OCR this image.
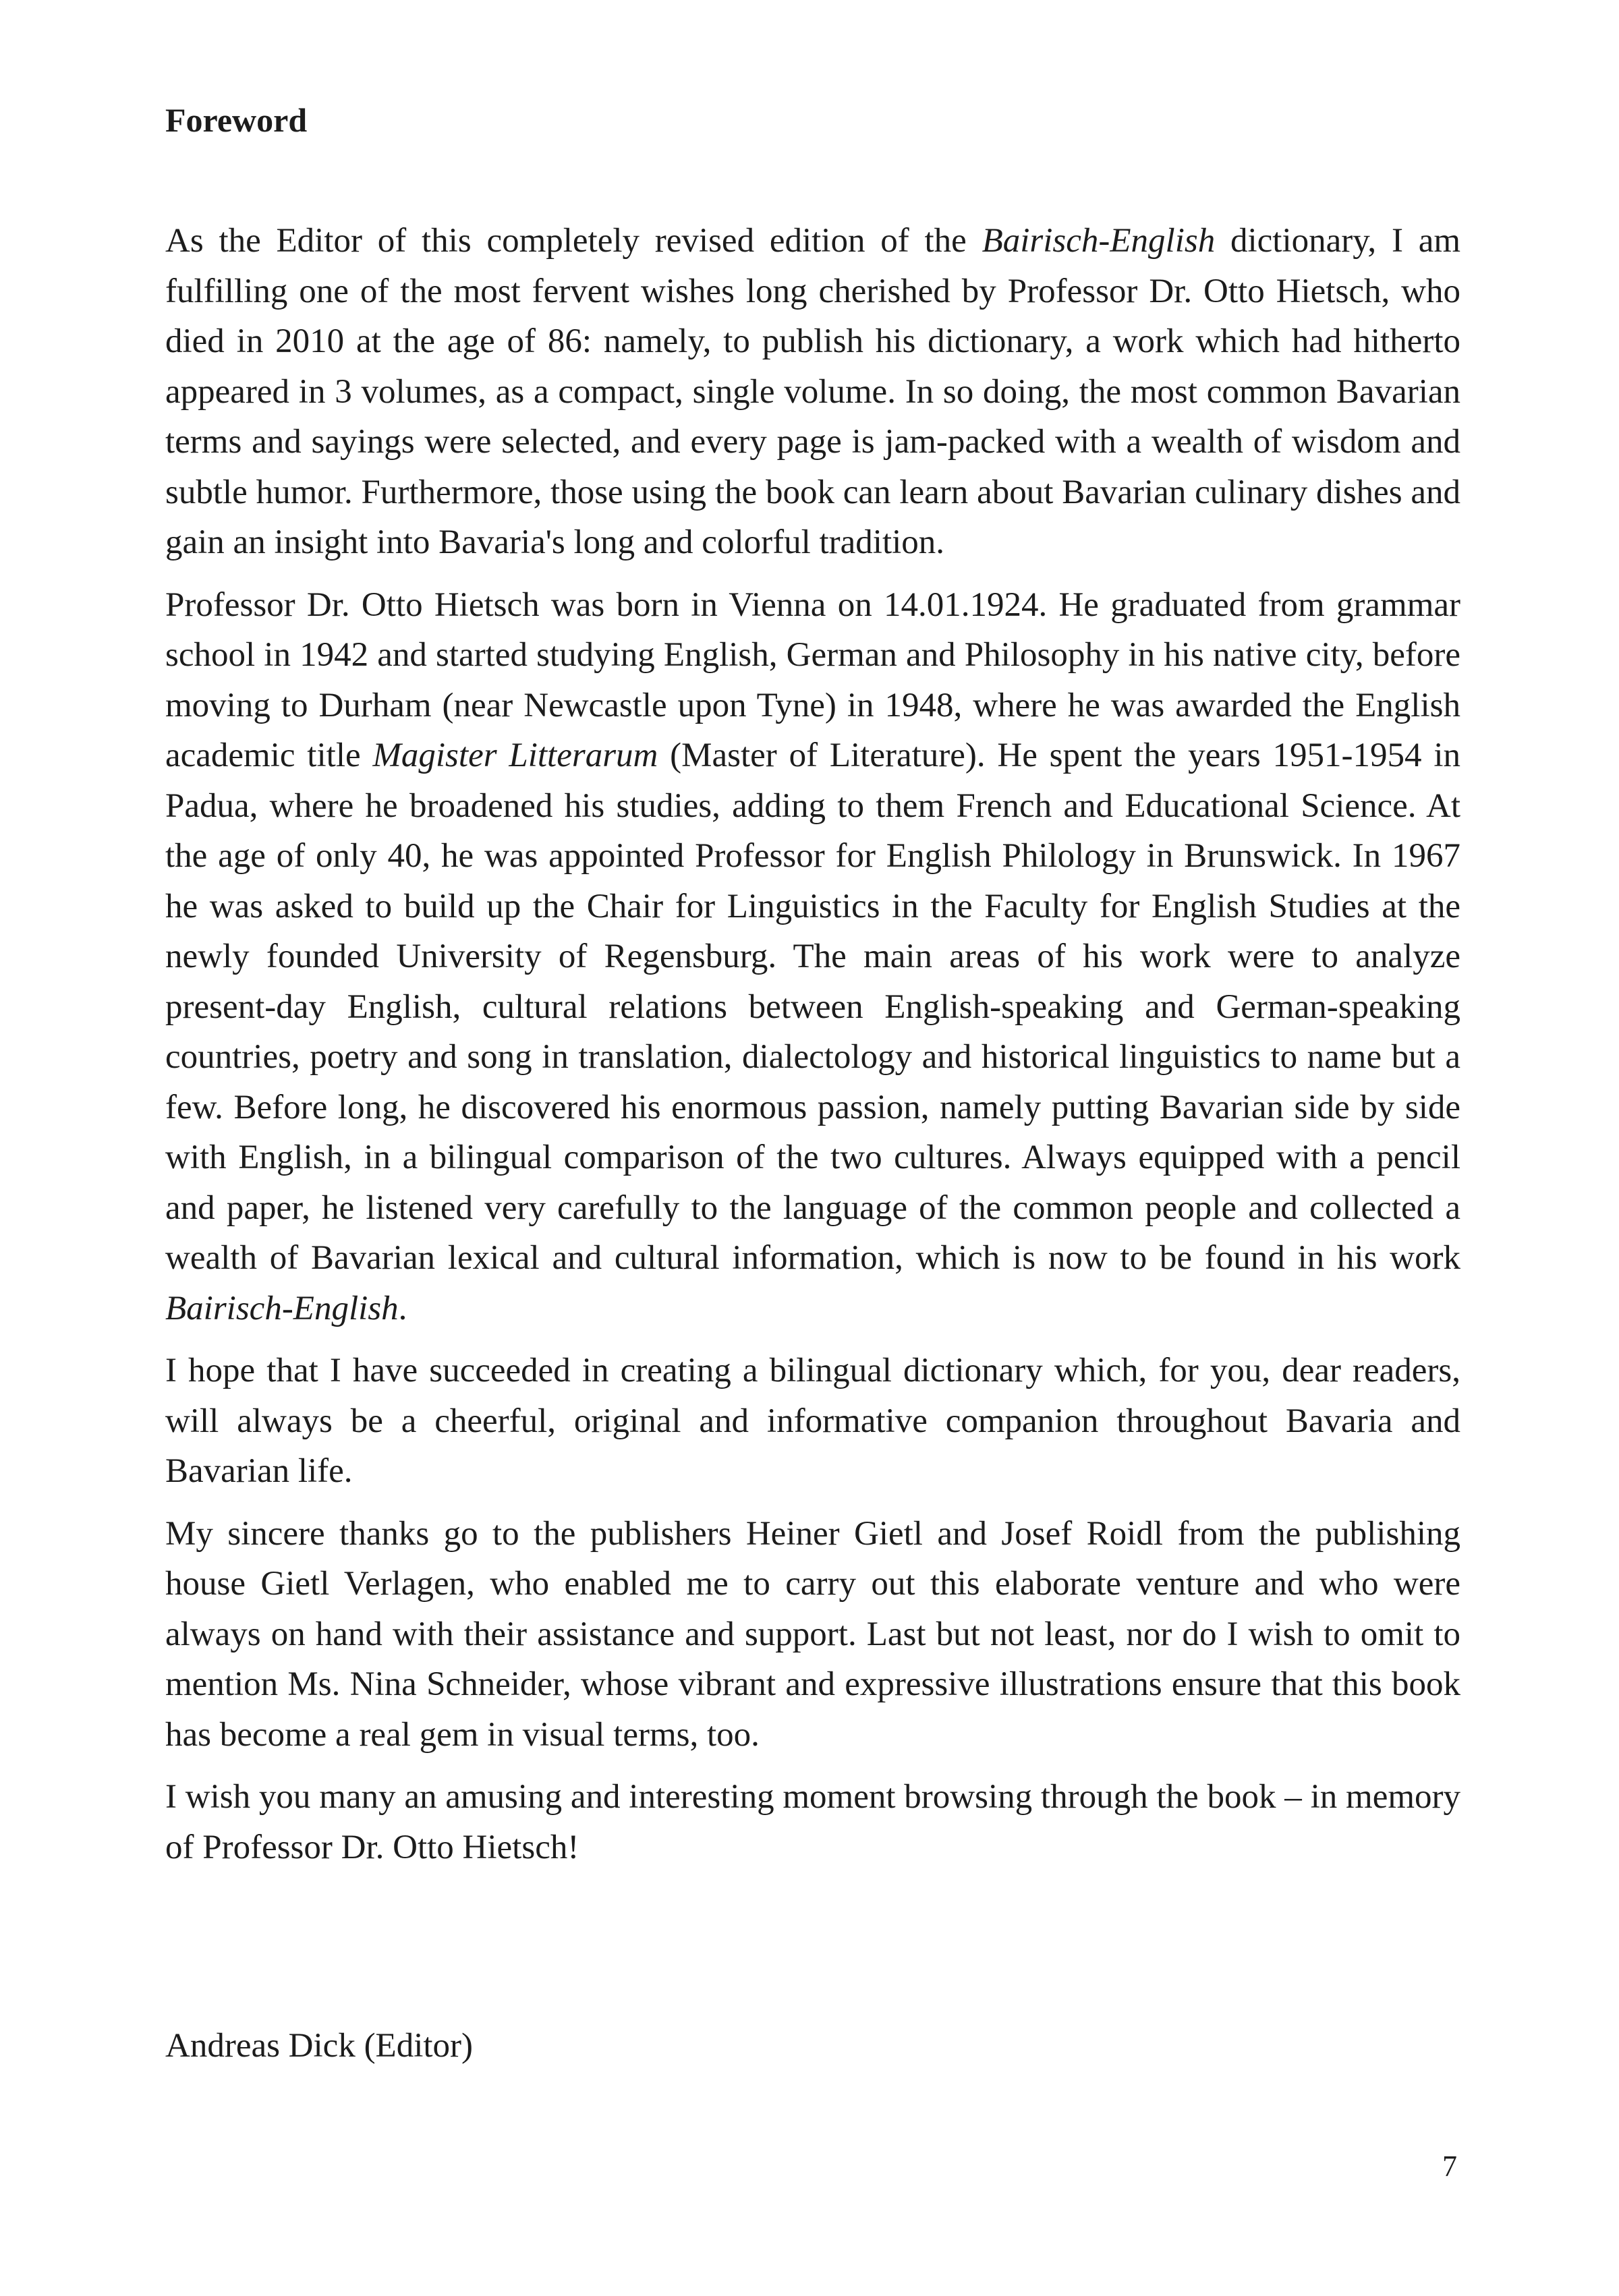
Foreword

As the Editor of this completely revised edition of the Bairisch-English dictionary, I am fulfilling one of the most fervent wishes long cherished by Professor Dr. Otto Hietsch, who died in 2010 at the age of 86: namely, to publish his dictionary, a work which had hitherto appeared in 3 volumes, as a compact, single volume. In so doing, the most common Bavarian terms and sayings were selected, and every page is jam-packed with a wealth of wisdom and subtle humor. Furthermore, those using the book can learn about Bavarian culinary dishes and gain an insight into Bavaria's long and colorful tradition.

Professor Dr. Otto Hietsch was born in Vienna on 14.01.1924. He graduated from grammar school in 1942 and started studying English, German and Philosophy in his native city, before moving to Durham (near Newcastle upon Tyne) in 1948, where he was awarded the English academic title Magister Litterarum (Master of Literature). He spent the years 1951-1954 in Padua, where he broadened his studies, adding to them French and Educational Science. At the age of only 40, he was appointed Professor for English Philology in Brunswick. In 1967 he was asked to build up the Chair for Linguistics in the Faculty for English Studies at the newly founded University of Regensburg. The main areas of his work were to analyze present-day English, cultural relations between English-speaking and German-speaking countries, poetry and song in translation, dialectology and historical linguistics to name but a few. Before long, he discovered his enormous passion, namely putting Bavarian side by side with English, in a bilingual comparison of the two cultures. Always equipped with a pencil and paper, he listened very carefully to the language of the common people and collected a wealth of Bavarian lexical and cultural information, which is now to be found in his work Bairisch-English.

I hope that I have succeeded in creating a bilingual dictionary which, for you, dear readers, will always be a cheerful, original and informative companion throughout Bavaria and Bavarian life.

My sincere thanks go to the publishers Heiner Gietl and Josef Roidl from the publishing house Gietl Verlagen, who enabled me to carry out this elaborate venture and who were always on hand with their assistance and support. Last but not least, nor do I wish to omit to mention Ms. Nina Schneider, whose vibrant and expressive illustrations ensure that this book has become a real gem in visual terms, too.

I wish you many an amusing and interesting moment browsing through the book – in memory of Professor Dr. Otto Hietsch!

Andreas Dick (Editor)

7
